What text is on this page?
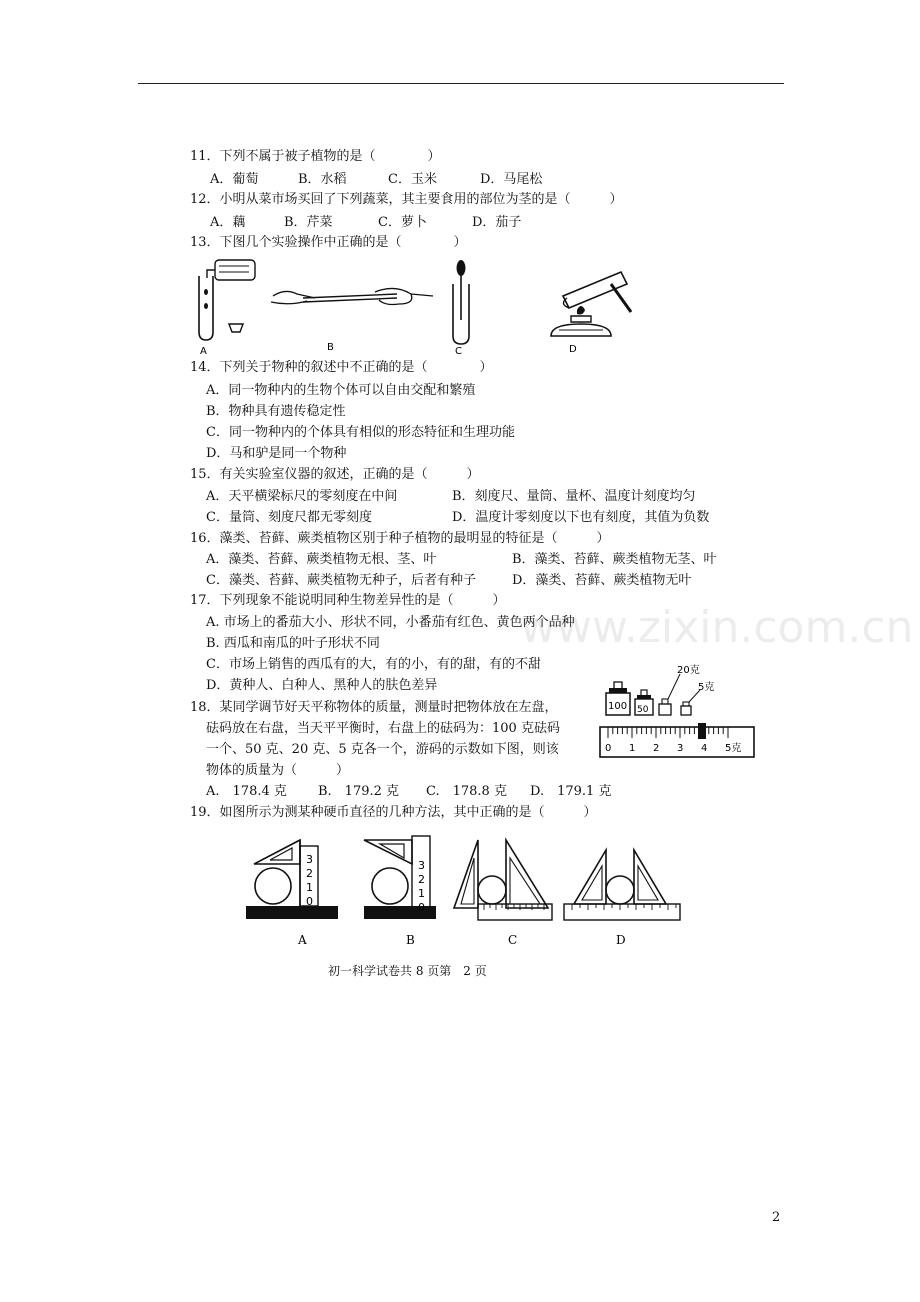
www.zixin.com.cn
11．下列不属于被子植物的是（　　　　）
A．葡萄	B．水稻	C．玉米	D．马尾松
12．小明从菜市场买回了下列蔬菜，其主要食用的部位为茎的是（　　　）
A．藕	B．芹菜	C．萝卜	D．茄子
13．下图几个实验操作中正确的是（　　　　）
A	B	C	D
14．下列关于物种的叙述中不正确的是（　　　　）
A．同一物种内的生物个体可以自由交配和繁殖
B．物种具有遗传稳定性
C．同一物种内的个体具有相似的形态特征和生理功能
D．马和驴是同一个物种
15．有关实验室仪器的叙述，正确的是（　　　）
A．天平横梁标尺的零刻度在中间	B．刻度尺、量筒、量杯、温度计刻度均匀
C．量筒、刻度尺都无零刻度	D．温度计零刻度以下也有刻度，其值为负数
16．藻类、苔藓、蕨类植物区别于种子植物的最明显的特征是（　　　）
A．藻类、苔藓、蕨类植物无根、茎、叶	B．藻类、苔藓、蕨类植物无茎、叶
C．藻类、苔藓、蕨类植物无种子，后者有种子	D．藻类、苔藓、蕨类植物无叶
17．下列现象不能说明同种生物差异性的是（　　　）
A. 市场上的番茄大小、形状不同，小番茄有红色、黄色两个品种
B. 西瓜和南瓜的叶子形状不同
C．市场上销售的西瓜有的大，有的小，有的甜，有的不甜
D．黄种人、白种人、黑种人的肤色差异
18．某同学调节好天平称物体的质量，测量时把物体放在左盘，
砝码放在右盘，当天平平衡时，右盘上的砝码为：100 克砝码
一个、50 克、20 克、5 克各一个，游码的示数如下图，则该
物体的质量为（　　　）
A.　178.4 克 B.　179.2 克 C.　178.8 克 D.　179.1 克
100 50
20克
5克
0 1 2 3 4 5克
19．如图所示为测某种硬币直径的几种方法，其中正确的是（　　　）
3
2
1
0
A
3
2
1
0
B	C	D
初一科学试卷共 8 页第　2 页
2
